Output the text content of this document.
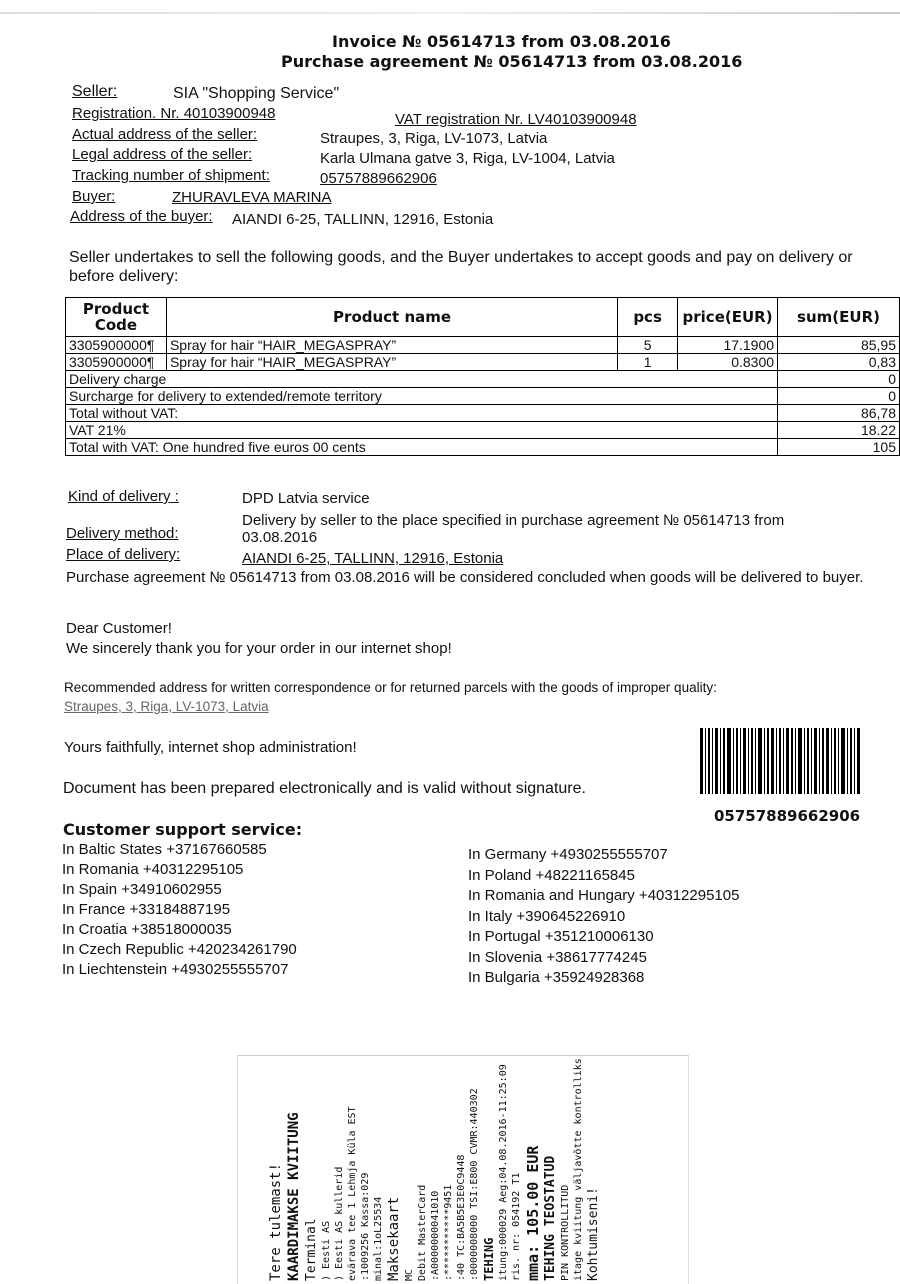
Invoice № 05614713 from 03.08.2016
Purchase agreement № 05614713 from 03.08.2016
Seller:	SIA "Shopping Service"
Registration. Nr. 40103900948	VAT registration Nr. LV40103900948
Actual address of the seller:	Straupes, 3, Riga, LV-1073, Latvia
Legal address of the seller:	Karla Ulmana gatve 3, Riga, LV-1004, Latvia
Tracking number of shipment:	05757889662906
Buyer:	ZHURAVLEVA MARINA
Address of the buyer: AIANDI 6-25, TALLINN, 12916, Estonia
Seller undertakes to sell the following goods, and the Buyer undertakes to accept goods and pay on delivery or before delivery:
Product Code	Product name	pcs	price(EUR)	sum(EUR)
3305900000¶	Spray for hair “HAIR_MEGASPRAY”	5	17.1900	85,95
3305900000¶	Spray for hair “HAIR_MEGASPRAY”	1	0.8300	0,83
Delivery charge				0
Surcharge for delivery to extended/remote territory				0
Total without VAT:				86,78
VAT 21%				18.22
Total with VAT: One hundred five euros 00 cents				105
Kind of delivery :	DPD Latvia service
Delivery method:
Delivery by seller to the place specified in purchase agreement № 05614713 from 03.08.2016
Place of delivery:	AIANDI 6-25, TALLINN, 12916, Estonia
Purchase agreement № 05614713 from 03.08.2016 will be considered concluded when goods will be delivered to buyer.
Dear Customer!
We sincerely thank you for your order in our internet shop!
Recommended address for written correspondence or for returned parcels with the goods of improper quality:
Straupes, 3, Riga, LV-1073, Latvia
Yours faithfully, internet shop administration!
Document has been prepared electronically and is valid without signature.
05757889662906
Customer support service:
In Baltic States +37167660585
In Romania +40312295105
In Spain +34910602955
In France +33184887195
In Croatia +38518000035
In Czech Republic +420234261790
In Liechtenstein +4930255555707
In Germany +4930255555707
In Poland +48221165845
In Romania and Hungary +40312295105
In Italy +390645226910
In Portugal +351210006130
In Slovenia +38617774245
In Bulgaria +35924928368
Tere tulemast! KAARDIMAKSE KVIITUNG Terminal ) Eesti AS ) Eesti AS kullerid evärava tee 1 Lehmja Küla EST :1009256 Kassa:029 minal:1oL25534 Maksekaart MC Debit MasterCard :A0000000041010 :***********9451 :40 TC:BA5B5E3E0C9448 :0000008000 TSI:E800 CVMR:440302 TEHING itung:000029 Aeg:04.08.2016-11:25:09 ris. nr: 054192 T1 mma: 105.00 EUR TEHING TEOSTATUD PIN KONTROLLITUD itage kviitung väljavõtte kontrolliks Kohtumiseni!
